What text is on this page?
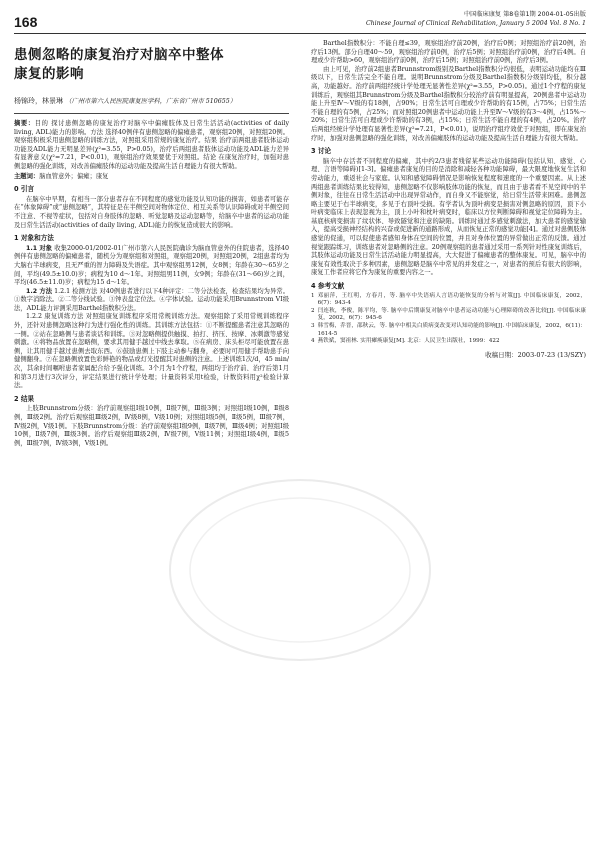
168	中国临床康复 第8卷第1期 2004-01-05出版
Chinese Journal of Clinical Rehabilitation, January 5 2004 Vol. 8 No. 1
患侧忽略的康复治疗对脑卒中整体
康复的影响
杨锦玲，林景琳 （广州市第六人民医院康复医学科，广东省广州市 510655）

摘要：目的 探讨患侧忽略的康复治疗对脑卒中偏瘫肢体及日常生活活动(activities of daily living, ADL)能力的影响。方法 选择40例伴有患侧忽略的偏瘫患者，观察组20例，对照组20例。观察组积极采用患侧忽略的训练方法，对照组采用常规的康复治疗。结果 治疗前两组患者肢体运动功能及ADL能力无明显差异(χ²=3.55，P>0.05)，治疗后两组患者肢体运动功能及ADL能力差异有显著意义(χ²=7.21，P<0.01)，观察组治疗效果要优于对照组。结论 在康复治疗时，加强对患侧忽略的强化训练，对改善偏瘫肢体的运动功能及提高生活自理能力有很大帮助。

主题词：脑血管意外；偏瘫；康复

0 引言

在脑卒中早期，有相当一部分患者存在不同程度的感觉功能及认知功能的损害，如患者可能存在“体象障碍”或“患侧忽略”，其特征是在半侧空间对物体定位、相互关系等认识障碍或对半侧空间不注意、不视等症状，包括对自身肢体的忽略、听觉忽略及运动忽略等，给脑卒中患者的运动功能及日常生活活动(activities of daily living, ADL)能力的恢复造成很大的影响。

1 对象和方法

1.1 对象 收集2000-01/2002-01广州市第六人民医院确诊为脑血管意外的住院患者，选择40例伴有患侧忽略的偏瘫患者，随机分为观察组和对照组，观察组20例，对照组20例，2组患者均为大脑右半球病变，且无严重的智力障碍及失语症。其中观察组男12例，女8例；年龄在30～65岁之间，平均(49.5±10.0)岁；病程为10 d～1年。对照组男11例，女9例；年龄在(31～66)岁之间，平均(46.5±11.0)岁；病程为15 d～1年。

1.2 方法 1.2.1 检测方法 对40例患者进行以下4种评定：二等分法检查，检查结果均为异常。①数字消除法。②二等分线试验。③钟表盘定位法。④字体试验。运动功能采用Brunnstrom VI级法，ADL能力评测采用Barthel指数积分法。

1.2.2 康复训练方法 对照组康复训练程序采用常规训练方法。观察组除了采用常规训练程序外，还针对患侧忽略这种行为进行强化性的训练。其训练方法包括：①不断提醒患者注意其忽略的一侧。②站在忽略侧与患者谈话和训练。③对忽略侧提供触摸、拍打、挤压、按摩、冰刺激等感觉刺激。④将物品放置在忽略侧，要求其用健手越过中线去拿取。⑤在病房、床头柜尽可能放置在患侧，让其用健手越过患侧去取东西。⑥鼓励患侧上下肢主动参与翻身，必要时可用健手帮助患手向健侧翻身。⑦在忽略侧放置色彩鲜艳的物品或灯光提醒其对患侧的注意。上述训练1次/d，45 min/次，其余时间嘱咐患者家属配合给予强化训练。3个月为1个疗程，两组均于治疗前、治疗后第1月和第3月进行3次评分，评定结果进行统计学处理；计量资料采用t检验，计数资料用χ²检验计算法。

2 结果

上肢Brunnstrom分级：治疗前观察组Ⅰ级10例，Ⅱ级7例，Ⅲ级3例；对照组Ⅰ级10例，Ⅱ级8例，Ⅲ级2例。治疗后观察组Ⅲ级2例，Ⅳ级8例，Ⅴ级10例；对照组Ⅰ级5例，Ⅱ级5例，Ⅲ级7例，Ⅳ级2例，Ⅴ级1例。下肢Brunnstrom分级：治疗前观察组Ⅰ级9例，Ⅱ级7例，Ⅲ级4例；对照组Ⅰ级10例，Ⅱ级7例，Ⅲ级3例。治疗后观察组Ⅲ级2例，Ⅳ级7例，Ⅴ级11例；对照组Ⅰ级4例，Ⅱ级5例，Ⅲ级7例，Ⅳ级3例，Ⅴ级1例。

Barthel指数积分：不能自理≤39，观察组治疗前20例，治疗后0例；对照组治疗前20例，治疗后13例。部分自理40～59，观察组治疗前0例，治疗后5例；对照组治疗前0例，治疗后4例。自理或少许帮助>60，观察组治疗前0例，治疗后15例；对照组治疗前0例，治疗后3例。

由上可见，治疗前2组患者Brunnstrom级别及Barthel指数积分均很低，表明运动功能均在Ⅲ级以下，日常生活完全不能自理。说明Brunnstrom分级及Barthel指数积分级别均低，积分越高，功能越好。治疗前两组经统计学处理无显著性差异(χ²=3.55，P>0.05)。通过1个疗程的康复训练后，观察组其Brunnstrom分级及Barthel指数积分较治疗前有明显提高，20例患者中运动功能上升至Ⅳ～Ⅴ级的有18例，占90%；日常生活可自理或少许帮助的有15例，占75%；日常生活不能自理的有5例，占25%；而对照组20例患者中运动功能上升至Ⅳ～Ⅴ级的有3～4例，占15%～20%；日常生活可自理或少许帮助的有3例，占15%；日常生活不能自理的有4例，占20%。治疗后两组经统计学处理有显著性差异(χ²=7.21，P<0.01)，说明治疗组疗效优于对照组，即在康复治疗时，加强对患侧忽略的强化训练，对改善偏瘫肢体的运动功能及提高生活自理能力有很大帮助。

3 讨论

脑卒中存活者不同程度的偏瘫，其中约2/3患者残留某些运动功能障碍(包括认知、感觉、心理、言语等障碍)[1-3]。偏瘫患者康复的目的是消除和减轻各种功能障碍，最大限度地恢复生活和劳动能力，重返社会与家庭。认知和感觉障碍情况是影响恢复程度和速度的一个重要因素。从上述两组患者训练结果比较得知，患侧忽略不仅影响肢体功能的恢复，而且由于患者看不见空间中的半侧对象，往往在日常生活活动中出现异常动作，而自身又不能察觉，给日常生活带来困难。患侧忽略主要见于右半球病变，多见于右顶叶受损。有学者认为顶叶病变是损害对侧忽略的原因，顶下小叶病变临床上表现忽视为主，顶上小叶和枕叶病变时，临床以方位判断障碍和视觉定位障碍为主。基底核病变损害了纹状体、导致隧觉和注意的缺陷。训练时通过多感觉刺激法，加大患者的感觉输入，提高受损神经结构的兴奋或促进新的通路形成，从而恢复正常的感觉功能[4]。通过对患侧肢体感觉的促通，可以促使患者感知身体在空间的位置，并且对身体位置的异常做出正常的反馈。通过视觉跟踪练习，训练患者对忽略侧的注意。20例观察组的患者通过采用一系列针对性康复训练后，其肢体运动功能及日常生活活动能力明显提高，大大促进了偏瘫患者的整体康复。可见，脑卒中的康复有效性取决于多种因素，患侧忽略是脑卒中常见的并发症之一，对患者的预后有很大的影响，康复工作者应将它作为康复的重要内容之一。

4 参考文献
1 邓丽萍，王红明，方春月，等. 脑卒中失语病人言语功能恢复的分析与对策[J]. 中国临床康复，2002，6(7)：943-4
2 闫连秋，李俊，陈平均，等. 脑卒中后期康复对脑卒中患者运动功能与心理障碍的改善比较[J]. 中国临床康复，2002，6(7)：945-6
3 韩雪梅，乔晋，邵秋云，等. 脑卒中相关白质病变改变对认知功能的影响[J]. 中国临床康复，2002，6(11)：1614-5
4 燕铁斌，窦祖林. 实用瘫痪康复[M]. 北京：人民卫生出版社，1999：422
收稿日期：2003-07-23 (13/SZY)
